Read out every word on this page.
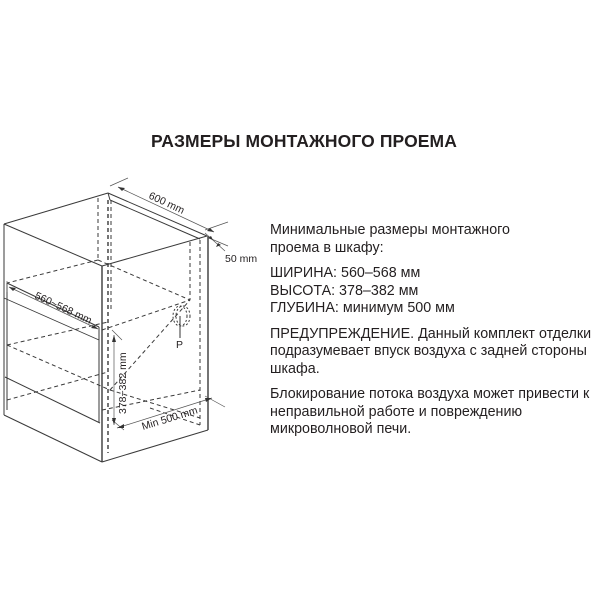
РАЗМЕРЫ МОНТАЖНОГО ПРОЕМА
600 mm
50 mm
560~568 mm
378~382 mm
Min 500 mm
P

Минимальные размеры монтажного

проема в шкафу:

ШИРИНА: 560–568 мм

ВЫСОТА: 378–382 мм

ГЛУБИНА: минимум 500 мм

ПРЕДУПРЕЖДЕНИЕ. Данный комплект отделки

подразумевает впуск воздуха с задней стороны

шкафа.

Блокирование потока воздуха может привести к

неправильной работе и повреждению

микроволновой печи.
